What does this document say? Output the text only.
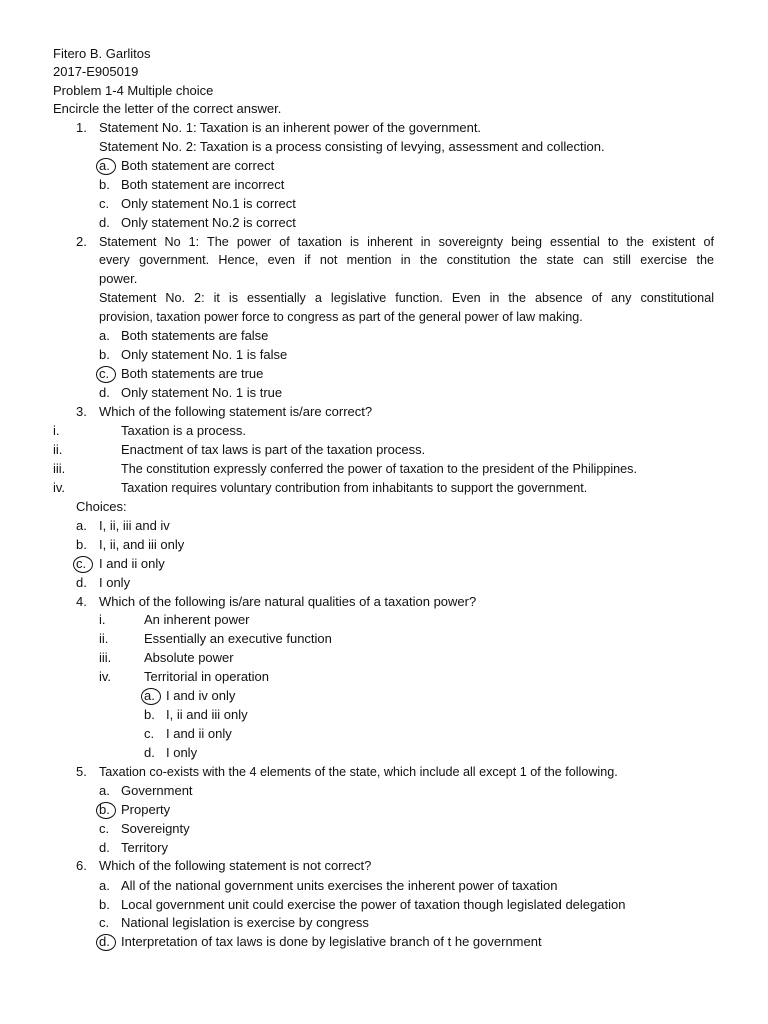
Fitero B. Garlitos
2017-E905019
Problem 1-4 Multiple choice
Encircle the letter of the correct answer.
1. Statement No. 1: Taxation is an inherent power of the government.
Statement No. 2: Taxation is a process consisting of levying, assessment and collection.
a. Both statement are correct
b. Both statement are incorrect
c. Only statement No.1 is correct
d. Only statement No.2 is correct
2. Statement No 1: The power of taxation is inherent in sovereignty being essential to the existent of
every government. Hence, even if not mention in the constitution the state can still exercise the
power.
Statement No. 2: it is essentially a legislative function. Even in the absence of any constitutional
provision, taxation power force to congress as part of the general power of law making.
a. Both statements are false
b. Only statement No. 1 is false
c. Both statements are true
d. Only statement No. 1 is true
3. Which of the following statement is/are correct?
i.	Taxation is a process.
ii.	Enactment of tax laws is part of the taxation process.
iii.	The constitution expressly conferred the power of taxation to the president of the Philippines.
iv.	Taxation requires voluntary contribution from inhabitants to support the government.
Choices:
a. I, ii, iii and iv
b. I, ii, and iii only
c. I and ii only
d. I only
4. Which of the following is/are natural qualities of a taxation power?
i.	An inherent power
ii.	Essentially an executive function
iii.	Absolute power
iv.	Territorial in operation
a. I and iv only
b. I, ii and iii only
c. I and ii only
d. I only
5. Taxation co-exists with the 4 elements of the state, which include all except 1 of the following.
a. Government
b. Property
c. Sovereignty
d. Territory
6. Which of the following statement is not correct?
a. All of the national government units exercises the inherent power of taxation
b. Local government unit could exercise the power of taxation though legislated delegation
c. National legislation is exercise by congress
d. Interpretation of tax laws is done by legislative branch of t he government
